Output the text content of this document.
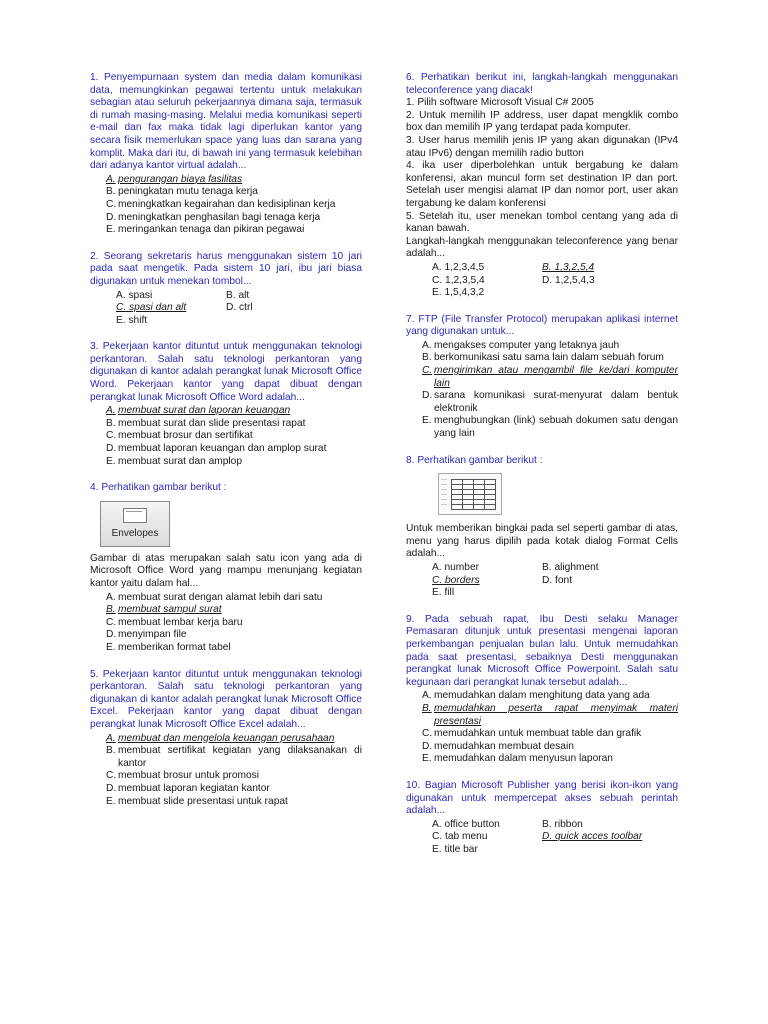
1. Penyempurnaan system dan media dalam komunikasi data, memungkinkan pegawai tertentu untuk melakukan sebagian atau seluruh pekerjaannya dimana saja, termasuk di rumah masing-masing. Melalui media komunikasi seperti e-mail dan fax maka tidak lagi diperlukan kantor yang secara fisik memerlukan space yang luas dan sarana yang komplit. Maka dari itu, di bawah ini yang termasuk kelebihan dari adanya kantor virtual adalah...
A. pengurangan biaya fasilitas
B. peningkatan mutu tenaga kerja
C. meningkatkan kegairahan dan kedisiplinan kerja
D. meningkatkan penghasilan bagi tenaga kerja
E. meringankan tenaga dan pikiran pegawai
2. Seorang sekretaris harus menggunakan sistem 10 jari pada saat mengetik. Pada sistem 10 jari, ibu jari biasa digunakan untuk menekan tombol...
A. spasi	B. alt
C. spasi dan alt	D. ctrl
E. shift
3. Pekerjaan kantor dituntut untuk menggunakan teknologi perkantoran. Salah satu teknologi perkantoran yang digunakan di kantor adalah perangkat lunak Microsoft Office Word. Pekerjaan kantor yang dapat dibuat dengan perangkat lunak Microsoft Office Word adalah...
A. membuat surat dan laporan keuangan
B. membuat surat dan slide presentasi rapat
C. membuat brosur dan sertifikat
D. membuat laporan keuangan dan amplop surat
E. membuat surat dan amplop
4. Perhatikan gambar berikut :
Envelopes
Gambar di atas merupakan salah satu icon yang ada di Microsoft Office Word yang mampu menunjang kegiatan kantor yaitu dalam hal...
A. membuat surat dengan alamat lebih dari satu
B. membuat sampul surat
C. membuat lembar kerja baru
D. menyimpan file
E. memberikan format tabel
5. Pekerjaan kantor dituntut untuk menggunakan teknologi perkantoran. Salah satu teknologi perkantoran yang digunakan di kantor adalah perangkat lunak Microsoft Office Excel. Pekerjaan kantor yang dapat dibuat dengan perangkat lunak Microsoft Office Excel adalah...
A. membuat dan mengelola keuangan perusahaan
B. membuat sertifikat kegiatan yang dilaksanakan di kantor
C. membuat brosur untuk promosi
D. membuat laporan kegiatan kantor
E. membuat slide presentasi untuk rapat
6. Perhatikan berikut ini, langkah-langkah menggunakan teleconference yang diacak!
1. Pilih software Microsoft Visual C# 2005
2. Untuk memilih IP address, user dapat mengklik combo box dan memilih IP yang terdapat pada komputer.
3. User harus memilih jenis IP yang akan digunakan (IPv4 atau IPv6) dengan memilih radio button
4. ika user diperbolehkan untuk bergabung ke dalam konferensi, akan muncul form set destination IP dan port. Setelah user mengisi alamat IP dan nomor port, user akan tergabung ke dalam konferensi
5. Setelah itu, user menekan tombol centang yang ada di kanan bawah.
Langkah-langkah menggunakan teleconference yang benar adalah...
A. 1,2,3,4,5	B. 1,3,2,5,4
C. 1,2,3,5,4	D. 1,2,5,4,3
E. 1,5,4,3,2
7. FTP (File Transfer Protocol) merupakan aplikasi internet yang digunakan untuk...
A. mengakses computer yang letaknya jauh
B. berkomunikasi satu sama lain dalam sebuah forum
C. mengirimkan atau mengambil file ke/dari komputer lain
D. sarana komunikasi surat-menyurat dalam bentuk elektronik
E. menghubungkan (link) sebuah dokumen satu dengan yang lain
8. Perhatikan gambar berikut :

Untuk memberikan bingkai pada sel seperti gambar di atas, menu yang harus dipilih pada kotak dialog Format Cells adalah...
A. number	B. alighment
C. borders	D. font
E. fill
9. Pada sebuah rapat, Ibu Desti selaku Manager Pemasaran ditunjuk untuk presentasi mengenai laporan perkembangan penjualan bulan lalu. Untuk memudahkan pada saat presentasi, sebaiknya Desti menggunakan perangkat lunak Microsoft Office Powerpoint. Salah satu kegunaan dari perangkat lunak tersebut adalah...
A. memudahkan dalam menghitung data yang ada
B. memudahkan peserta rapat menyimak materi presentasi
C. memudahkan untuk membuat table dan grafik
D. memudahkan membuat desain
E. memudahkan dalam menyusun laporan
10. Bagian Microsoft Publisher yang berisi ikon-ikon yang digunakan untuk mempercepat akses sebuah perintah adalah...
A. office button	B. ribbon
C. tab menu	D. quick acces toolbar
E. title bar
